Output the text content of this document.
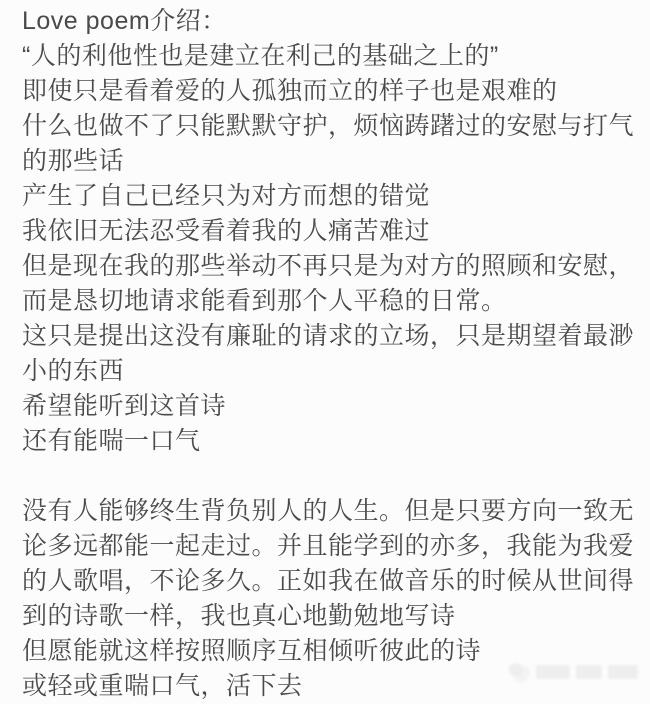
Love poem介绍：
“人的利他性也是建立在利己的基础之上的”
即使只是看着爱的人孤独而立的样子也是艰难的
什么也做不了只能默默守护，烦恼踌躇过的安慰与打气
的那些话
产生了自己已经只为对方而想的错觉
我依旧无法忍受看着我的人痛苦难过
但是现在我的那些举动不再只是为对方的照顾和安慰，
而是恳切地请求能看到那个人平稳的日常。
这只是提出这没有廉耻的请求的立场，只是期望着最渺
小的东西
希望能听到这首诗
还有能喘一口气
没有人能够终生背负别人的人生。但是只要方向一致无
论多远都能一起走过。并且能学到的亦多，我能为我爱
的人歌唱，不论多久。正如我在做音乐的时候从世间得
到的诗歌一样，我也真心地勤勉地写诗
但愿能就这样按照顺序互相倾听彼此的诗
或轻或重喘口气，活下去
